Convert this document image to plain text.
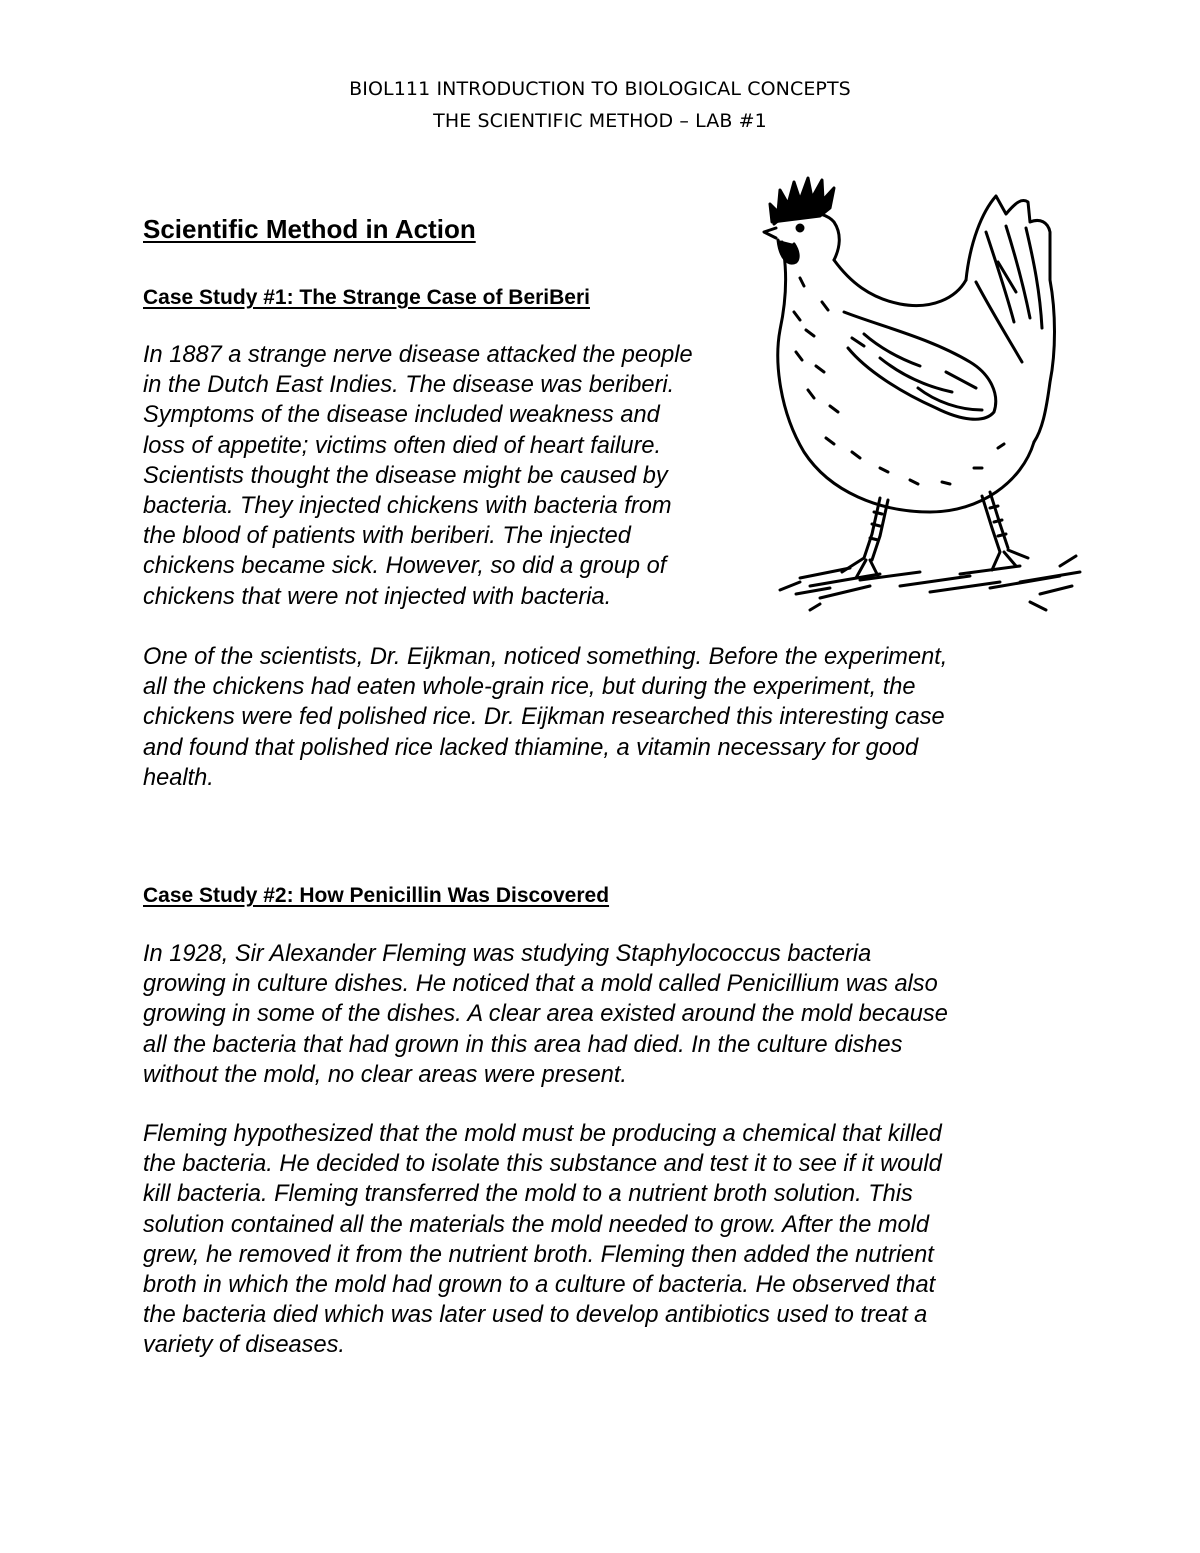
BIOL111 INTRODUCTION TO BIOLOGICAL CONCEPTS
THE SCIENTIFIC METHOD – LAB #1
Scientific Method in Action
Case Study #1: The Strange Case of BeriBeri

In 1887 a strange nerve disease attacked the people
in the Dutch East Indies. The disease was beriberi.
Symptoms of the disease included weakness and
loss of appetite; victims often died of heart failure.
Scientists thought the disease might be caused by
bacteria. They injected chickens with bacteria from
the blood of patients with beriberi. The injected
chickens became sick. However, so did a group of
chickens that were not injected with bacteria.

One of the scientists, Dr. Eijkman, noticed something. Before the experiment,
all the chickens had eaten whole-grain rice, but during the experiment, the
chickens were fed polished rice. Dr. Eijkman researched this interesting case
and found that polished rice lacked thiamine, a vitamin necessary for good
health.

Case Study #2: How Penicillin Was Discovered

In 1928, Sir Alexander Fleming was studying Staphylococcus bacteria
growing in culture dishes. He noticed that a mold called Penicillium was also
growing in some of the dishes. A clear area existed around the mold because
all the bacteria that had grown in this area had died. In the culture dishes
without the mold, no clear areas were present.

Fleming hypothesized that the mold must be producing a chemical that killed
the bacteria. He decided to isolate this substance and test it to see if it would
kill bacteria. Fleming transferred the mold to a nutrient broth solution. This
solution contained all the materials the mold needed to grow. After the mold
grew, he removed it from the nutrient broth. Fleming then added the nutrient
broth in which the mold had grown to a culture of bacteria. He observed that
the bacteria died which was later used to develop antibiotics used to treat a
variety of diseases.
